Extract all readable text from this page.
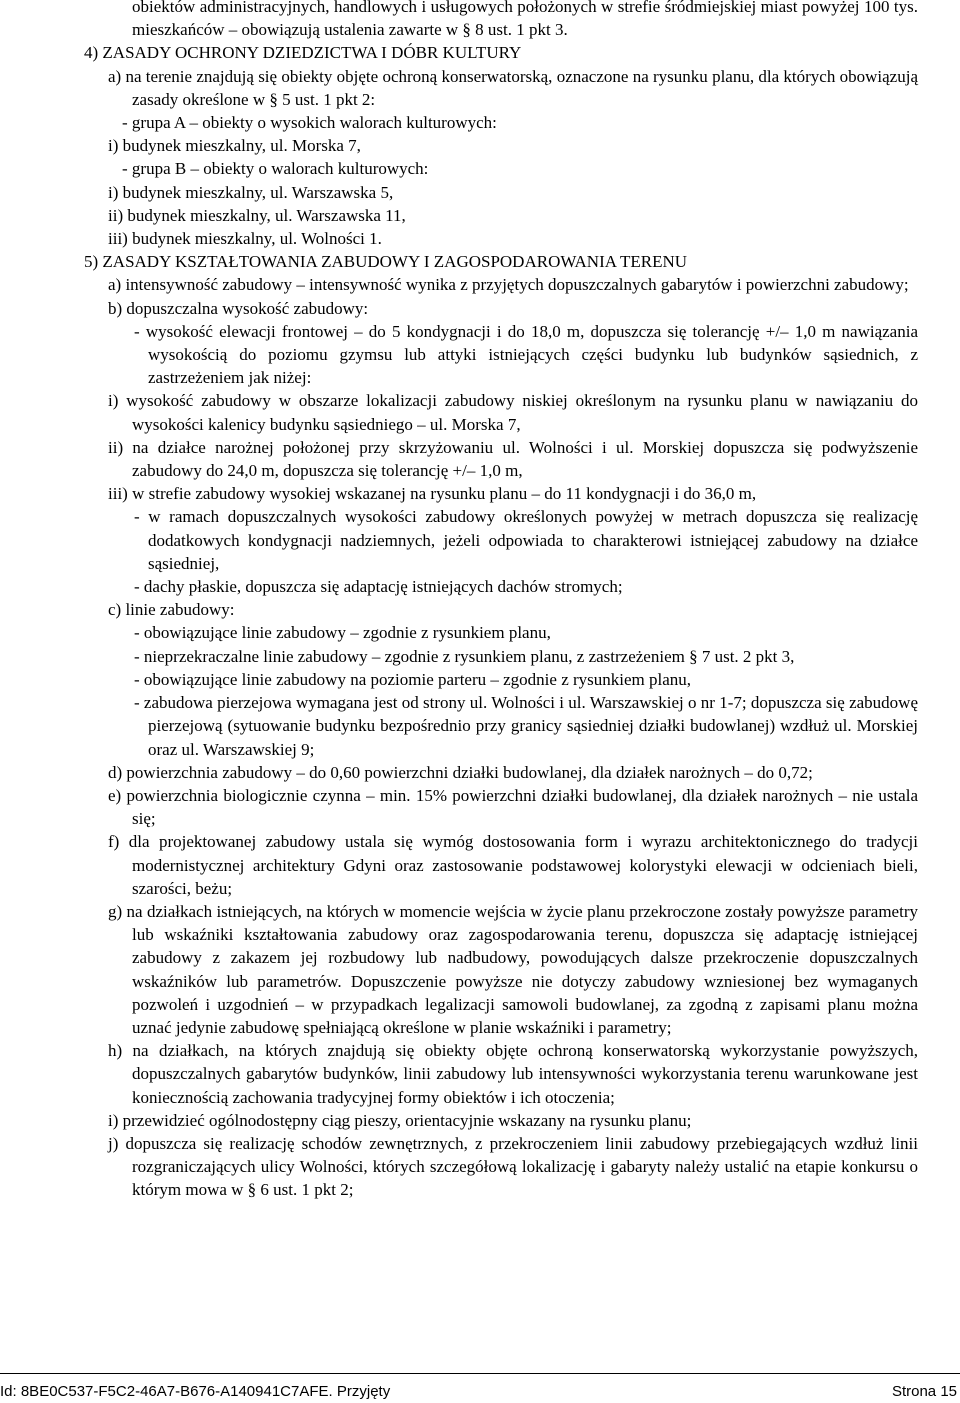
obiektów administracyjnych, handlowych i usługowych położonych w strefie śródmiejskiej miast powyżej 100 tys. mieszkańców – obowiązują ustalenia zawarte w § 8 ust. 1 pkt 3.
4) ZASADY OCHRONY DZIEDZICTWA I DÓBR KULTURY
a) na terenie znajdują się obiekty objęte ochroną konserwatorską, oznaczone na rysunku planu, dla których obowiązują zasady określone w § 5 ust. 1 pkt 2:
- grupa A – obiekty o wysokich walorach kulturowych:
i) budynek mieszkalny, ul. Morska 7,
- grupa B – obiekty o walorach kulturowych:
i) budynek mieszkalny, ul. Warszawska 5,
ii) budynek mieszkalny, ul. Warszawska 11,
iii) budynek mieszkalny, ul. Wolności 1.
5) ZASADY KSZTAŁTOWANIA ZABUDOWY I ZAGOSPODAROWANIA TERENU
a) intensywność zabudowy – intensywność wynika z przyjętych dopuszczalnych gabarytów i powierzchni zabudowy;
b) dopuszczalna wysokość zabudowy:
- wysokość elewacji frontowej – do 5 kondygnacji i do 18,0 m, dopuszcza się tolerancję +/– 1,0 m nawiązania wysokością do poziomu gzymsu lub attyki istniejących części budynku lub budynków sąsiednich, z zastrzeżeniem jak niżej:
i) wysokość zabudowy w obszarze lokalizacji zabudowy niskiej określonym na rysunku planu w nawiązaniu do wysokości kalenicy budynku sąsiedniego – ul. Morska 7,
ii) na działce narożnej położonej przy skrzyżowaniu ul. Wolności i ul. Morskiej dopuszcza się podwyższenie zabudowy do 24,0 m, dopuszcza się tolerancję +/– 1,0 m,
iii) w strefie zabudowy wysokiej wskazanej na rysunku planu – do 11 kondygnacji i do 36,0 m,
- w ramach dopuszczalnych wysokości zabudowy określonych powyżej w metrach dopuszcza się realizację dodatkowych kondygnacji nadziemnych, jeżeli odpowiada to charakterowi istniejącej zabudowy na działce sąsiedniej,
- dachy płaskie, dopuszcza się adaptację istniejących dachów stromych;
c) linie zabudowy:
- obowiązujące linie zabudowy – zgodnie z rysunkiem planu,
- nieprzekraczalne linie zabudowy – zgodnie z rysunkiem planu, z zastrzeżeniem § 7 ust. 2 pkt 3,
- obowiązujące linie zabudowy na poziomie parteru – zgodnie z rysunkiem planu,
- zabudowa pierzejowa wymagana jest od strony ul. Wolności i ul. Warszawskiej o nr 1-7; dopuszcza się zabudowę pierzejową (sytuowanie budynku bezpośrednio przy granicy sąsiedniej działki budowlanej) wzdłuż ul. Morskiej oraz ul. Warszawskiej 9;
d) powierzchnia zabudowy – do 0,60 powierzchni działki budowlanej, dla działek narożnych – do 0,72;
e) powierzchnia biologicznie czynna – min. 15% powierzchni działki budowlanej, dla działek narożnych – nie ustala się;
f) dla projektowanej zabudowy ustala się wymóg dostosowania form i wyrazu architektonicznego do tradycji modernistycznej architektury Gdyni oraz zastosowanie podstawowej kolorystyki elewacji w odcieniach bieli, szarości, beżu;
g) na działkach istniejących, na których w momencie wejścia w życie planu przekroczone zostały powyższe parametry lub wskaźniki kształtowania zabudowy oraz zagospodarowania terenu, dopuszcza się adaptację istniejącej zabudowy z zakazem jej rozbudowy lub nadbudowy, powodujących dalsze przekroczenie dopuszczalnych wskaźników lub parametrów. Dopuszczenie powyższe nie dotyczy zabudowy wzniesionej bez wymaganych pozwoleń i uzgodnień – w przypadkach legalizacji samowoli budowlanej, za zgodną z zapisami planu można uznać jedynie zabudowę spełniającą określone w planie wskaźniki i parametry;
h) na działkach, na których znajdują się obiekty objęte ochroną konserwatorską wykorzystanie powyższych, dopuszczalnych gabarytów budynków, linii zabudowy lub intensywności wykorzystania terenu warunkowane jest koniecznością zachowania tradycyjnej formy obiektów i ich otoczenia;
i) przewidzieć ogólnodostępny ciąg pieszy, orientacyjnie wskazany na rysunku planu;
j) dopuszcza się realizację schodów zewnętrznych, z przekroczeniem linii zabudowy przebiegających wzdłuż linii rozgraniczających ulicy Wolności, których szczegółową lokalizację i gabaryty należy ustalić na etapie konkursu o którym mowa w § 6 ust. 1 pkt 2;
Id: 8BE0C537-F5C2-46A7-B676-A140941C7AFE. Przyjęty	Strona 15
